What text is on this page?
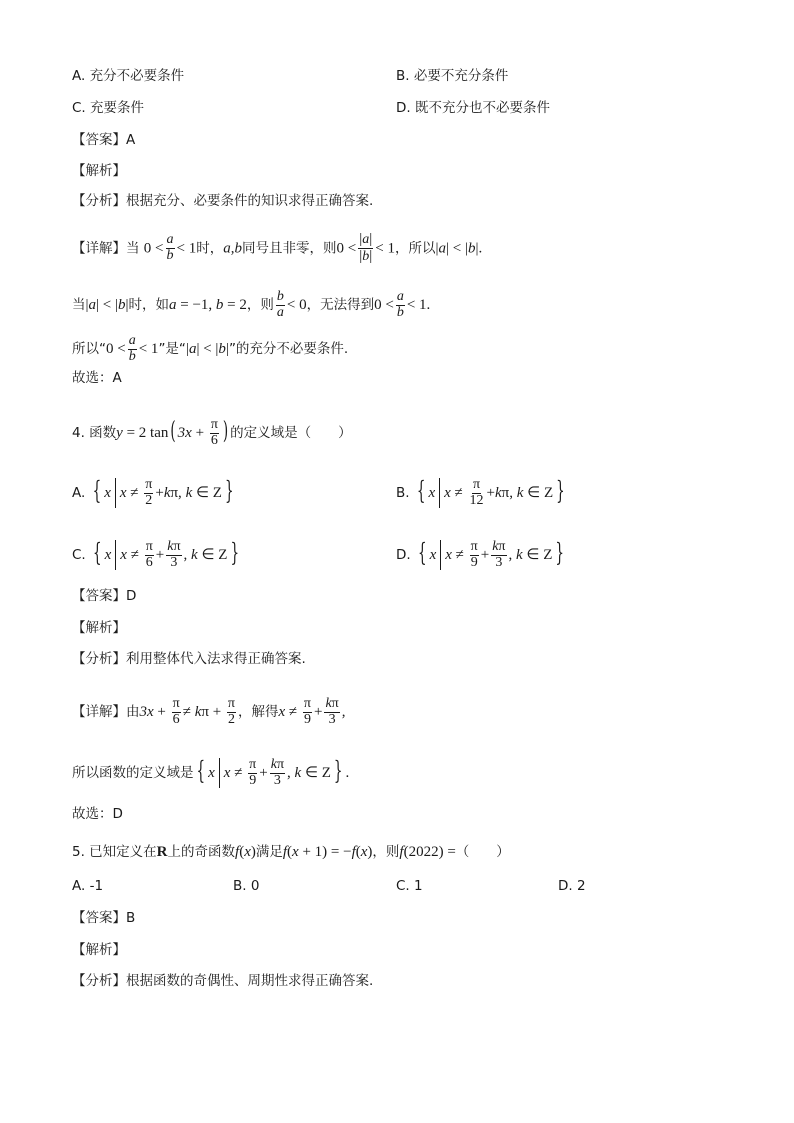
A. 充分不必要条件	B. 必要不充分条件
C. 充要条件	D. 既不充分也不必要条件
【答案】A
【解析】
【分析】根据充分、必要条件的知识求得正确答案.
【详解】当 $0 < \frac{a}{b} < 1$时，a,b同号且非零，则$0 < \frac{|a|}{|b|} < 1$，所以|a| < |b|.
当|a| < |b|时，如a = −1, b = 2，则 $\frac{b}{a} < 0$，无法得到$0 < \frac{a}{b} < 1$.
所以“$0 < \frac{a}{b} < 1$”是“|a| < |b|”的充分不必要条件.
故选：A
4. 函数y = 2 tan ( $3x + \frac{\pi}{6}$ ) 的定义域是（　　）
A. { x $x \ne \frac{\pi}{2} +k\pi$, k ∈ Z }	B. { x $x \ne \frac{\pi}{12} +k\pi$, k ∈ Z }
C. { x $x \ne \frac{\pi}{6} + \frac{k\pi}{3}$ , k ∈ Z }	D. { x $x \ne \frac{\pi}{9} + \frac{k\pi}{3}$ , k ∈ Z }
【答案】D
【解析】
【分析】利用整体代入法求得正确答案.
【详解】由$3x + \frac{\pi}{6} \ne k\pi + \frac{\pi}{2}$ ，解得$x \ne \frac{\pi}{9} + \frac{k\pi}{3}$ ,
所以函数的定义域是 { x $x \ne \frac{\pi}{9} + \frac{k\pi}{3}$ , k ∈ Z } .
故选：D
5. 已知定义在R上的奇函数f(x)满足f(x + 1) = −f(x)，则f(2022) =（　　）
A. -1	B. 0	C. 1	D. 2
【答案】B
【解析】
【分析】根据函数的奇偶性、周期性求得正确答案.
